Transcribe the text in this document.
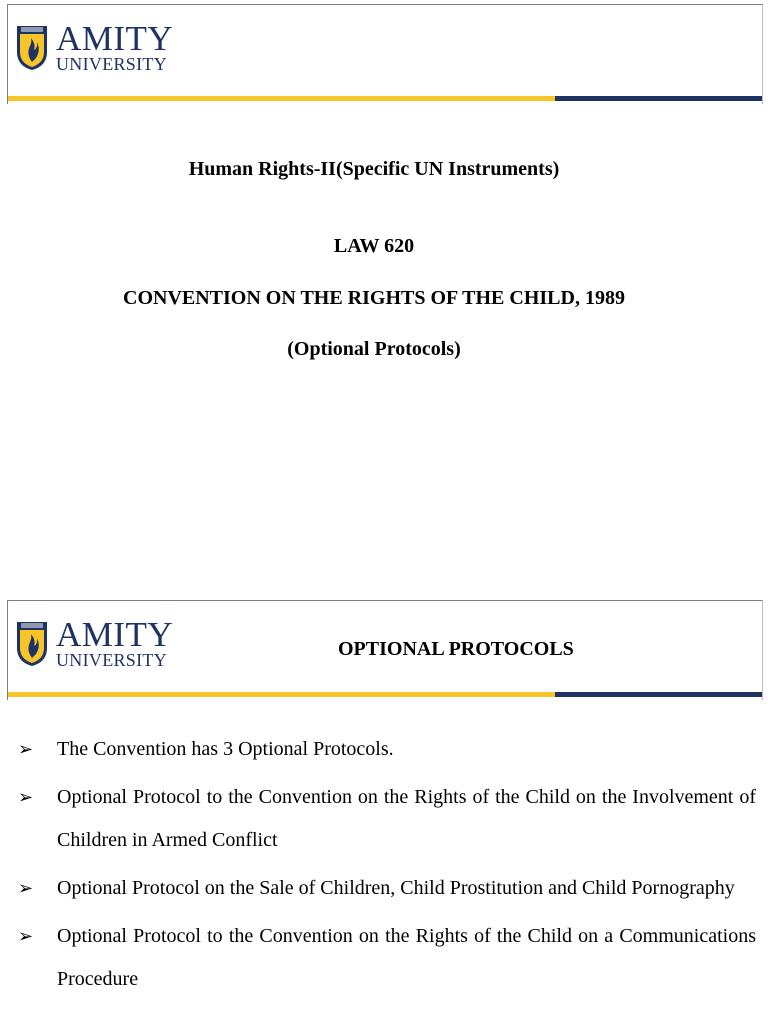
AMITY
UNIVERSITY

Human Rights-II(Specific UN Instruments)

LAW 620

CONVENTION ON THE RIGHTS OF THE CHILD, 1989

(Optional Protocols)

AMITY
UNIVERSITY	OPTIONAL PROTOCOLS

➢ The Convention has 3 Optional Protocols.
➢ Optional Protocol to the Convention on the Rights of the Child on the Involvement of Children in Armed Conflict
➢ Optional Protocol on the Sale of Children, Child Prostitution and Child Pornography
➢ Optional Protocol to the Convention on the Rights of the Child on a Communications Procedure
